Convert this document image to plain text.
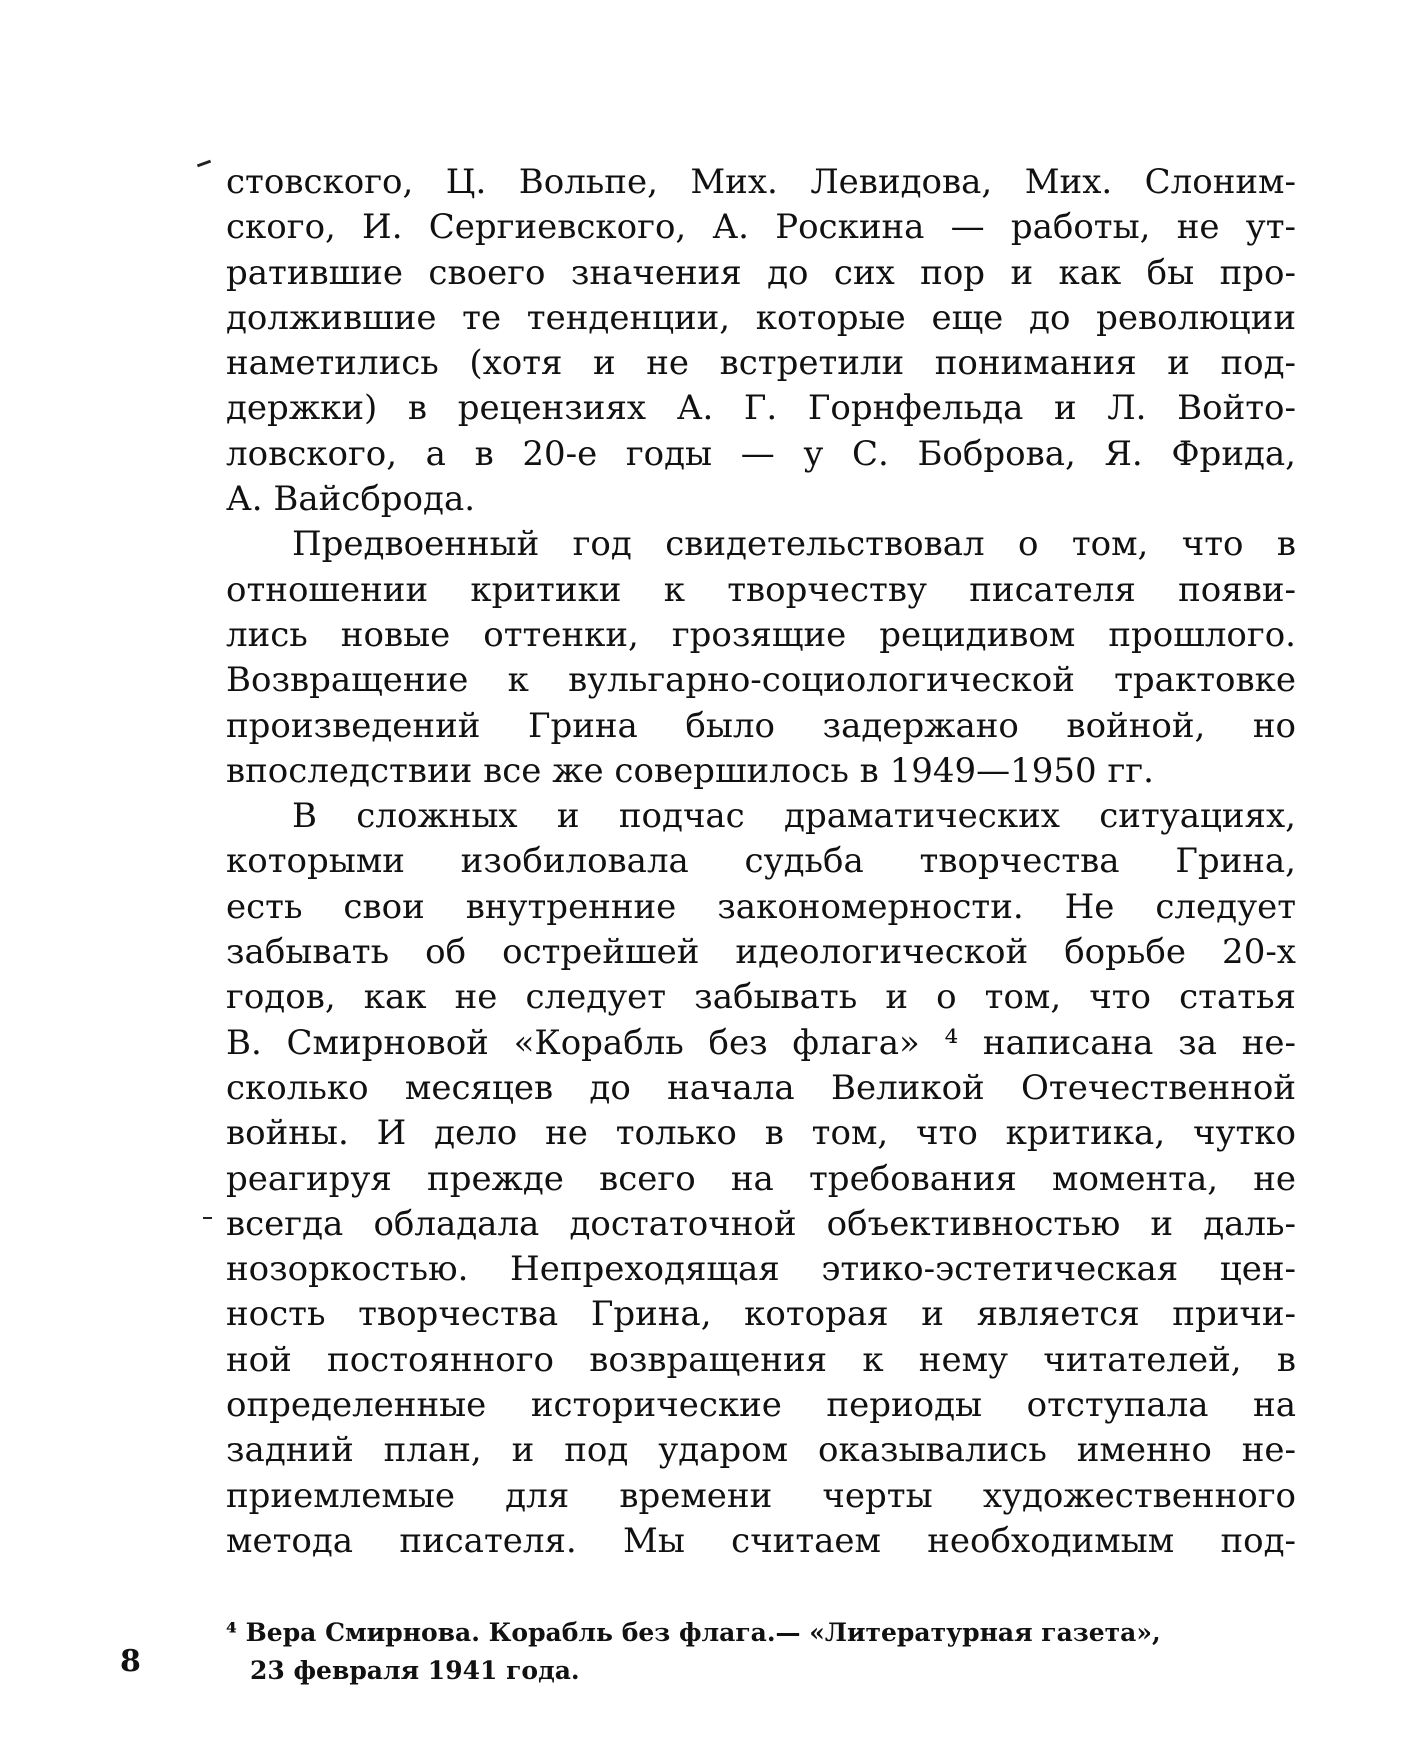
стовского, Ц. Вольпе, Мих. Левидова, Мих. Слоним-
ского, И. Сергиевского, А. Роскина — работы, не ут-
ратившие своего значения до сих пор и как бы про-
должившие те тенденции, которые еще до революции
наметились (хотя и не встретили понимания и под-
держки) в рецензиях А. Г. Горнфельда и Л. Войто-
ловского, а в 20-е годы — у С. Боброва, Я. Фрида,
А. Вайсброда.
Предвоенный год свидетельствовал о том, что в
отношении критики к творчеству писателя появи-
лись новые оттенки, грозящие рецидивом прошлого.
Возвращение к вульгарно-социологической трактовке
произведений Грина было задержано войной, но
впоследствии все же совершилось в 1949—1950 гг.
В сложных и подчас драматических ситуациях,
которыми изобиловала судьба творчества Грина,
есть свои внутренние закономерности. Не следует
забывать об острейшей идеологической борьбе 20-х
годов, как не следует забывать и о том, что статья
В. Смирновой «Корабль без флага» ⁴ написана за не-
сколько месяцев до начала Великой Отечественной
войны. И дело не только в том, что критика, чутко
реагируя прежде всего на требования момента, не
всегда обладала достаточной объективностью и даль-
нозоркостью. Непреходящая этико-эстетическая цен-
ность творчества Грина, которая и является причи-
ной постоянного возвращения к нему читателей, в
определенные исторические периоды отступала на
задний план, и под ударом оказывались именно не-
приемлемые для времени черты художественного
метода писателя. Мы считаем необходимым под-
⁴ Вера Смирнова. Корабль без флага.— «Литературная газета»,
23 февраля 1941 года.
8
